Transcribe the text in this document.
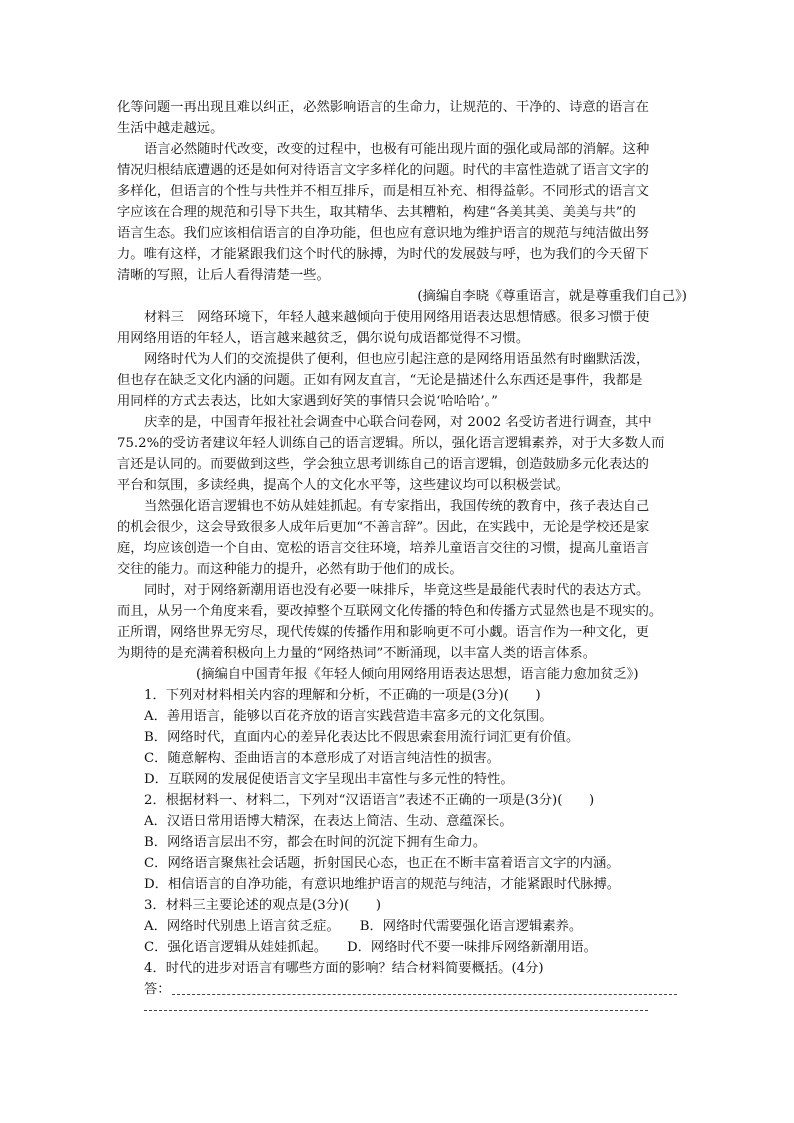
化等问题一再出现且难以纠正，必然影响语言的生命力，让规范的、干净的、诗意的语言在
生活中越走越远。
语言必然随时代改变，改变的过程中，也极有可能出现片面的强化或局部的消解。这种
情况归根结底遭遇的还是如何对待语言文字多样化的问题。时代的丰富性造就了语言文字的
多样化，但语言的个性与共性并不相互排斥，而是相互补充、相得益彰。不同形式的语言文
字应该在合理的规范和引导下共生，取其精华、去其糟粕，构建“各美其美、美美与共”的
语言生态。我们应该相信语言的自净功能，但也应有意识地为维护语言的规范与纯洁做出努
力。唯有这样，才能紧跟我们这个时代的脉搏，为时代的发展鼓与呼，也为我们的今天留下
清晰的写照，让后人看得清楚一些。
(摘编自李晓《尊重语言，就是尊重我们自己》)
材料三　网络环境下，年轻人越来越倾向于使用网络用语表达思想情感。很多习惯于使
用网络用语的年轻人，语言越来越贫乏，偶尔说句成语都觉得不习惯。
网络时代为人们的交流提供了便利，但也应引起注意的是网络用语虽然有时幽默活泼，
但也存在缺乏文化内涵的问题。正如有网友直言，“无论是描述什么东西还是事件，我都是
用同样的方式去表达，比如大家遇到好笑的事情只会说‘哈哈哈’。”
庆幸的是，中国青年报社社会调查中心联合问卷网，对 2002 名受访者进行调查，其中
75.2%的受访者建议年轻人训练自己的语言逻辑。所以，强化语言逻辑素养，对于大多数人而
言还是认同的。而要做到这些，学会独立思考训练自己的语言逻辑，创造鼓励多元化表达的
平台和氛围，多读经典，提高个人的文化水平等，这些建议均可以积极尝试。
当然强化语言逻辑也不妨从娃娃抓起。有专家指出，我国传统的教育中，孩子表达自己
的机会很少，这会导致很多人成年后更加“不善言辞”。因此，在实践中，无论是学校还是家
庭，均应该创造一个自由、宽松的语言交往环境，培养儿童语言交往的习惯，提高儿童语言
交往的能力。而这种能力的提升，必然有助于他们的成长。
同时，对于网络新潮用语也没有必要一味排斥，毕竟这些是最能代表时代的表达方式。
而且，从另一个角度来看，要改掉整个互联网文化传播的特色和传播方式显然也是不现实的。
正所谓，网络世界无穷尽，现代传媒的传播作用和影响更不可小觑。语言作为一种文化，更
为期待的是充满着积极向上力量的“网络热词”不断涌现，以丰富人类的语言体系。
(摘编自中国青年报《年轻人倾向用网络用语表达思想，语言能力愈加贫乏》)
1．下列对材料相关内容的理解和分析，不正确的一项是(3分)(　　)
A．善用语言，能够以百花齐放的语言实践营造丰富多元的文化氛围。
B．网络时代，直面内心的差异化表达比不假思索套用流行词汇更有价值。
C．随意解构、歪曲语言的本意形成了对语言纯洁性的损害。
D．互联网的发展促使语言文字呈现出丰富性与多元性的特性。
2．根据材料一、材料二，下列对“汉语语言”表述不正确的一项是(3分)(　　)
A．汉语日常用语博大精深，在表达上简洁、生动、意蕴深长。
B．网络语言层出不穷，都会在时间的沉淀下拥有生命力。
C．网络语言聚焦社会话题，折射国民心态，也正在不断丰富着语言文字的内涵。
D．相信语言的自净功能，有意识地维护语言的规范与纯洁，才能紧跟时代脉搏。
3．材料三主要论述的观点是(3分)(　　)
A．网络时代别患上语言贫乏症。　　B．网络时代需要强化语言逻辑素养。
C．强化语言逻辑从娃娃抓起。　　D．网络时代不要一味排斥网络新潮用语。
4．时代的进步对语言有哪些方面的影响？结合材料简要概括。(4分)
答：
